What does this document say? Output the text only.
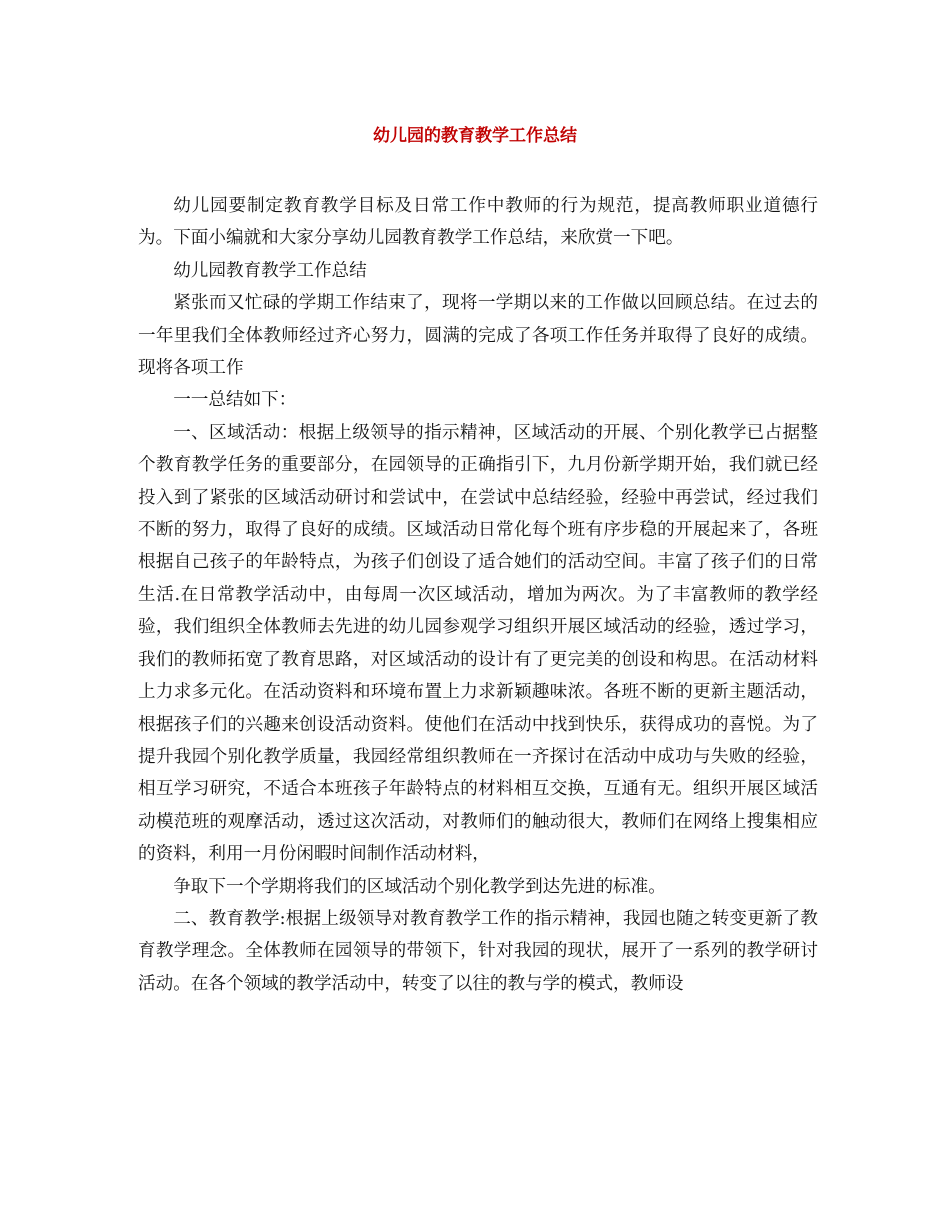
幼儿园的教育教学工作总结

幼儿园要制定教育教学目标及日常工作中教师的行为规范，提高教师职业道德行为。下面小编就和大家分享幼儿园教育教学工作总结，来欣赏一下吧。

幼儿园教育教学工作总结

紧张而又忙碌的学期工作结束了，现将一学期以来的工作做以回顾总结。在过去的一年里我们全体教师经过齐心努力，圆满的完成了各项工作任务并取得了良好的成绩。现将各项工作

一一总结如下：

一、区域活动：根据上级领导的指示精神，区域活动的开展、个别化教学已占据整个教育教学任务的重要部分，在园领导的正确指引下，九月份新学期开始，我们就已经投入到了紧张的区域活动研讨和尝试中，在尝试中总结经验，经验中再尝试，经过我们不断的努力，取得了良好的成绩。区域活动日常化每个班有序步稳的开展起来了，各班根据自己孩子的年龄特点，为孩子们创设了适合她们的活动空间。丰富了孩子们的日常生活.在日常教学活动中，由每周一次区域活动，增加为两次。为了丰富教师的教学经验，我们组织全体教师去先进的幼儿园参观学习组织开展区域活动的经验，透过学习，我们的教师拓宽了教育思路，对区域活动的设计有了更完美的创设和构思。在活动材料上力求多元化。在活动资料和环境布置上力求新颖趣味浓。各班不断的更新主题活动，根据孩子们的兴趣来创设活动资料。使他们在活动中找到快乐，获得成功的喜悦。为了提升我园个别化教学质量，我园经常组织教师在一齐探讨在活动中成功与失败的经验，相互学习研究，不适合本班孩子年龄特点的材料相互交换，互通有无。组织开展区域活动模范班的观摩活动，透过这次活动，对教师们的触动很大，教师们在网络上搜集相应的资料，利用一月份闲暇时间制作活动材料，

争取下一个学期将我们的区域活动个别化教学到达先进的标准。

二、教育教学:根据上级领导对教育教学工作的指示精神，我园也随之转变更新了教育教学理念。全体教师在园领导的带领下，针对我园的现状，展开了一系列的教学研讨活动。在各个领域的教学活动中，转变了以往的教与学的模式，教师设
